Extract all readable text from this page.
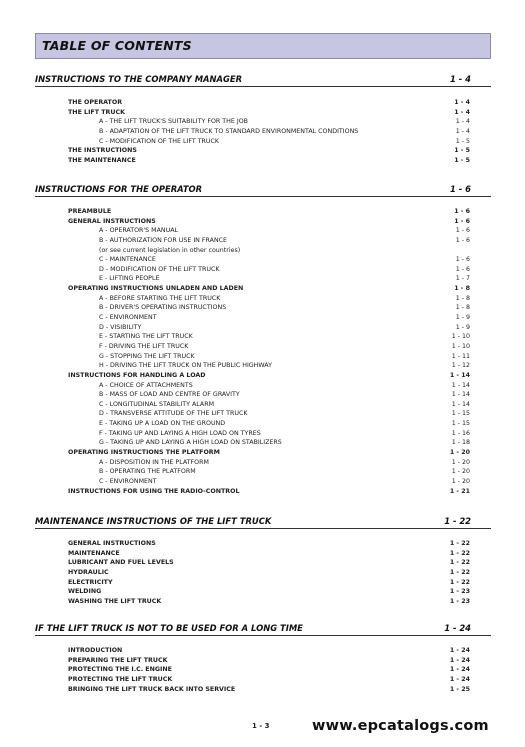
TABLE OF CONTENTS
INSTRUCTIONS TO THE COMPANY MANAGER	1 - 4
THE OPERATOR	1 - 4
THE LIFT TRUCK	1 - 4
A - THE LIFT TRUCK'S SUITABILITY FOR THE JOB	1 - 4
B - ADAPTATION OF THE LIFT TRUCK TO STANDARD ENVIRONMENTAL CONDITIONS	1 - 4
C - MODIFICATION OF THE LIFT TRUCK	1 - 5
THE INSTRUCTIONS	1 - 5
THE MAINTENANCE	1 - 5
INSTRUCTIONS FOR THE OPERATOR	1 - 6
PREAMBULE	1 - 6
GENERAL INSTRUCTIONS	1 - 6
A - OPERATOR'S MANUAL	1 - 6
B - AUTHORIZATION FOR USE IN FRANCE	1 - 6
(or see current legislation in other countries)
C - MAINTENANCE	1 - 6
D - MODIFICATION OF THE LIFT TRUCK	1 - 6
E - LIFTING PEOPLE	1 - 7
OPERATING INSTRUCTIONS UNLADEN AND LADEN	1 - 8
A - BEFORE STARTING THE LIFT TRUCK	1 - 8
B - DRIVER'S OPERATING INSTRUCTIONS	1 - 8
C - ENVIRONMENT	1 - 9
D - VISIBILITY	1 - 9
E - STARTING THE LIFT TRUCK	1 - 10
F - DRIVING THE LIFT TRUCK	1 - 10
G - STOPPING THE LIFT TRUCK	1 - 11
H - DRIVING THE LIFT TRUCK ON THE PUBLIC HIGHWAY	1 - 12
INSTRUCTIONS FOR HANDLING A LOAD	1 - 14
A - CHOICE OF ATTACHMENTS	1 - 14
B - MASS OF LOAD AND CENTRE OF GRAVITY	1 - 14
C - LONGITUDINAL STABILITY ALARM	1 - 14
D - TRANSVERSE ATTITUDE OF THE LIFT TRUCK	1 - 15
E - TAKING UP A LOAD ON THE GROUND	1 - 15
F - TAKING UP AND LAYING A HIGH LOAD ON TYRES	1 - 16
G - TAKING UP AND LAYING A HIGH LOAD ON STABILIZERS	1 - 18
OPERATING INSTRUCTIONS THE PLATFORM	1 - 20
A - DISPOSITION IN THE PLATFORM	1 - 20
B - OPERATING THE PLATFORM	1 - 20
C - ENVIRONMENT	1 - 20
INSTRUCTIONS FOR USING THE RADIO-CONTROL	1 - 21
MAINTENANCE INSTRUCTIONS OF THE LIFT TRUCK	1 - 22
GENERAL INSTRUCTIONS	1 - 22
MAINTENANCE	1 - 22
LUBRICANT AND FUEL LEVELS	1 - 22
HYDRAULIC	1 - 22
ELECTRICITY	1 - 22
WELDING	1 - 23
WASHING THE LIFT TRUCK	1 - 23
IF THE LIFT TRUCK IS NOT TO BE USED FOR A LONG TIME	1 - 24
INTRODUCTION	1 - 24
PREPARING THE LIFT TRUCK	1 - 24
PROTECTING THE I.C. ENGINE	1 - 24
PROTECTING THE LIFT TRUCK	1 - 24
BRINGING THE LIFT TRUCK BACK INTO SERVICE	1 - 25
1 - 3	www.epcatalogs.com
